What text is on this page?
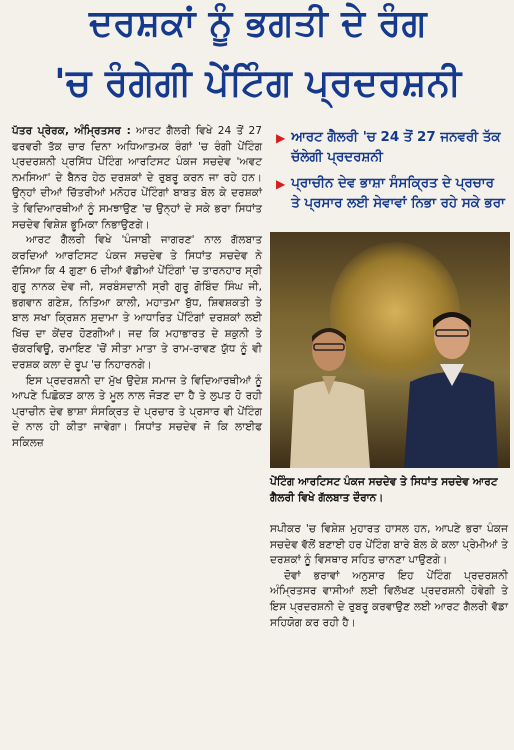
ਦਰਸ਼ਕਾਂ ਨੂੰ ਭਗਤੀ ਦੇ ਰੰਗ
'ਚ ਰੰਗੇਗੀ ਪੇਂਟਿੰਗ ਪ੍ਰਦਰਸ਼ਨੀ

ਪੱਤਰ ਪ੍ਰੇਰਕ, ਅੰਮ੍ਰਿਤਸਰ : ਆਰਟ ਗੈਲਰੀ ਵਿਖੇ 24 ਤੋਂ 27 ਫਰਵਰੀ ਤੱਕ ਚਾਰ ਦਿਨਾ ਅਧਿਆਤਮਕ ਰੰਗਾਂ 'ਚ ਰੰਗੀ ਪੇਂਟਿੰਗ ਪ੍ਰਦਰਸ਼ਨੀ ਪ੍ਰਸਿੱਧ ਪੇਂਟਿੰਗ ਆਰਟਿਸਟ ਪੰਕਜ ਸਚਦੇਵ 'ਅਵਟ ਨਮਸਿਆ' ਦੇ ਬੈਨਰ ਹੇਠ ਦਰਸ਼ਕਾਂ ਦੇ ਰੁਬਰੂ ਕਰਨ ਜਾ ਰਹੇ ਹਨ। ਉਨ੍ਹਾਂ ਦੀਆਂ ਚਿੱਤਰੀਆਂ ਮਨੋਹਰ ਪੇਂਟਿੰਗਾਂ ਬਾਬਤ ਬੋਲ ਕੇ ਦਰਸ਼ਕਾਂ ਤੇ ਵਿਦਿਆਰਥੀਆਂ ਨੂੰ ਸਮਝਾਉਣ 'ਚ ਉਨ੍ਹਾਂ ਦੇ ਸਕੇ ਭਰਾ ਸਿਧਾਂਤ ਸਚਦੇਵ ਵਿਸ਼ੇਸ਼ ਭੂਮਿਕਾ ਨਿਭਾਉਣਗੇ।

ਆਰਟ ਗੈਲਰੀ ਵਿਖੇ 'ਪੰਜਾਬੀ ਜਾਗਰਣ' ਨਾਲ ਗੱਲਬਾਤ ਕਰਦਿਆਂ ਆਰਟਿਸਟ ਪੰਕਜ ਸਚਦੇਵ ਤੇ ਸਿਧਾਂਤ ਸਚਦੇਵ ਨੇ ਦੱਸਿਆ ਕਿ 4 ਗੁਣਾ 6 ਦੀਆਂ ਵੱਡੀਆਂ ਪੇਂਟਿੰਗਾਂ 'ਚ ਤਾਰਨਹਾਰ ਸ੍ਰੀ ਗੁਰੂ ਨਾਨਕ ਦੇਵ ਜੀ, ਸਰਬੰਸਦਾਨੀ ਸ੍ਰੀ ਗੁਰੂ ਗੋਬਿੰਦ ਸਿੰਘ ਜੀ, ਭਗਵਾਨ ਗਣੇਸ਼, ਨਿਤਿਆ ਕਾਲੀ, ਮਹਾਤਮਾ ਬੁੱਧ, ਸ਼ਿਵਸ਼ਕਤੀ ਤੇ ਬਾਲ ਸਖਾ ਕ੍ਰਿਸ਼ਨ ਸੁਦਾਮਾ ਤੇ ਆਧਾਰਿਤ ਪੇਂਟਿੰਗਾਂ ਦਰਸ਼ਕਾਂ ਲਈ ਖਿੱਚ ਦਾ ਕੇਂਦਰ ਹੋਣਗੀਆਂ। ਜਦ ਕਿ ਮਹਾਭਾਰਤ ਦੇ ਸ਼ਕੁਨੀ ਤੇ ਚੱਕਰਵਿਊ, ਰਮਾਇਣ 'ਚੋਂ ਸੀਤਾ ਮਾਤਾ ਤੇ ਰਾਮ-ਰਾਵਣ ਯੁੱਧ ਨੂੰ ਵੀ ਦਰਸ਼ਕ ਕਲਾ ਦੇ ਰੂਪ 'ਚ ਨਿਹਾਰਨਗੇ।

ਇਸ ਪ੍ਰਦਰਸ਼ਨੀ ਦਾ ਮੁੱਖ ਉਦੇਸ਼ ਸਮਾਜ ਤੇ ਵਿਦਿਆਰਥੀਆਂ ਨੂੰ ਆਪਣੇ ਪਿਛੋਕੜ ਕਾਲ ਤੇ ਮੂਲ ਨਾਲ ਜੋੜਣ ਦਾ ਹੈ ਤੇ ਲੁਪਤ ਹੋ ਰਹੀ ਪ੍ਰਾਚੀਨ ਦੇਵ ਭਾਸ਼ਾ ਸੰਸਕ੍ਰਿਤ ਦੇ ਪ੍ਰਚਾਰ ਤੇ ਪ੍ਰਸਾਰ ਵੀ ਪੇਂਟਿੰਗ ਦੇ ਨਾਲ ਹੀ ਕੀਤਾ ਜਾਵੇਗਾ। ਸਿਧਾਂਤ ਸਚਦੇਵ ਜੋ ਕਿ ਲਾਈਫ ਸਕਿਲਜ਼

▶ ਆਰਟ ਗੈਲਰੀ 'ਚ 24 ਤੋਂ 27 ਜਨਵਰੀ ਤੱਕ ਚੱਲੇਗੀ ਪ੍ਰਦਰਸ਼ਨੀ
▶ ਪ੍ਰਾਚੀਨ ਦੇਵ ਭਾਸ਼ਾ ਸੰਸਕ੍ਰਿਤ ਦੇ ਪ੍ਰਚਾਰ ਤੇ ਪ੍ਰਸਾਰ ਲਈ ਸੇਵਾਵਾਂ ਨਿਭਾ ਰਹੇ ਸਕੇ ਭਰਾ
ਪੇਂਟਿੰਗ ਆਰਟਿਸਟ ਪੰਕਜ ਸਚਦੇਵ ਤੇ ਸਿਧਾਂਤ ਸਚਦੇਵ ਆਰਟ ਗੈਲਰੀ ਵਿਖੇ ਗੱਲਬਾਤ ਦੌਰਾਨ।

ਸਪੀਕਰ 'ਚ ਵਿਸ਼ੇਸ਼ ਮੁਹਾਰਤ ਹਾਸਲ ਹਨ, ਆਪਣੇ ਭਰਾ ਪੰਕਜ ਸਚਦੇਵ ਵੱਲੋਂ ਬਣਾਈ ਹਰ ਪੇਂਟਿੰਗ ਬਾਰੇ ਬੋਲ ਕੇ ਕਲਾ ਪ੍ਰੇਮੀਆਂ ਤੇ ਦਰਸ਼ਕਾਂ ਨੂੰ ਵਿਸਥਾਰ ਸਹਿਤ ਚਾਨਣਾ ਪਾਉਣਗੇ।

ਦੋਵਾਂ ਭਰਾਵਾਂ ਅਨੁਸਾਰ ਇਹ ਪੇਂਟਿੰਗ ਪ੍ਰਦਰਸ਼ਨੀ ਅੰਮ੍ਰਿਤਸਰ ਵਾਸੀਆਂ ਲਈ ਵਿਲੱਖਣ ਪ੍ਰਦਰਸ਼ਨੀ ਹੋਵੇਗੀ ਤੇ ਇਸ ਪ੍ਰਦਰਸ਼ਨੀ ਦੇ ਰੁਬਰੂ ਕਰਵਾਉਣ ਲਈ ਆਰਟ ਗੈਲਰੀ ਵੱਡਾ ਸਹਿਯੋਗ ਕਰ ਰਹੀ ਹੈ।
